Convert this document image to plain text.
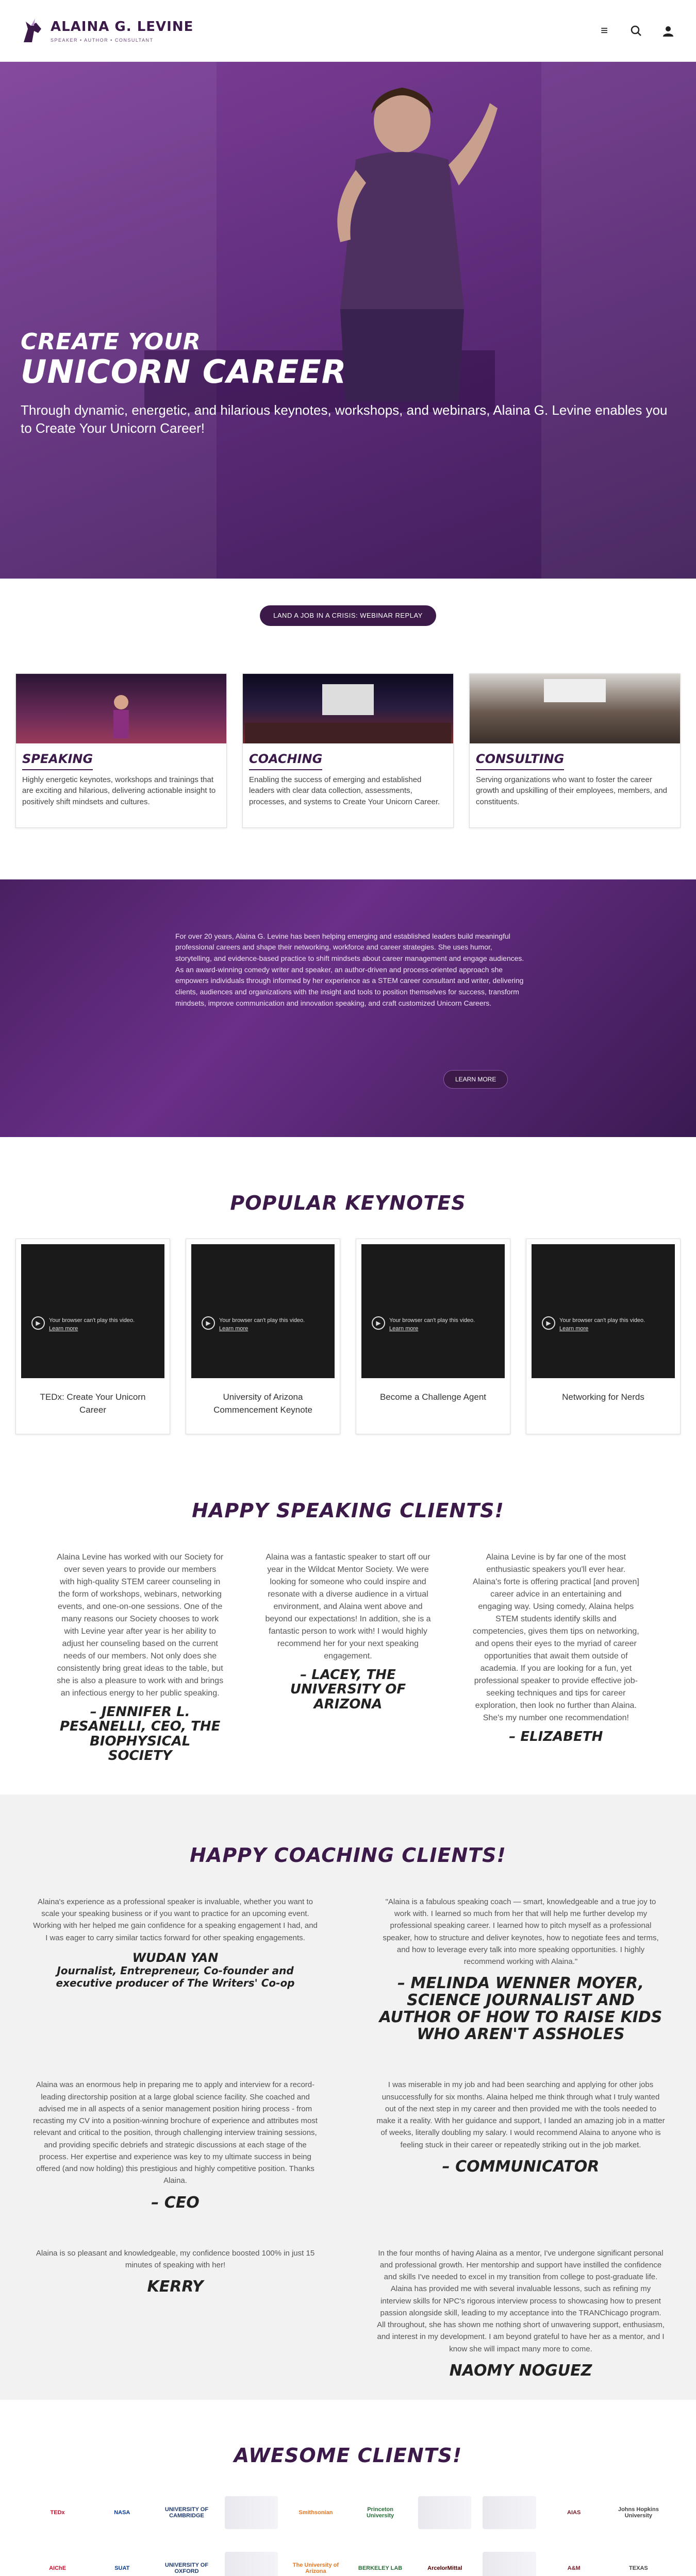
ALAINA G. LEVINE
SPEAKER • AUTHOR • CONSULTANT
≡
CREATE YOUR
UNICORN CAREER

Through dynamic, energetic, and hilarious keynotes, workshops, and webinars, Alaina G. Levine enables you to Create Your Unicorn Career!

LAND A JOB IN A CRISIS: WEBINAR REPLAY
SPEAKING

Highly energetic keynotes, workshops and trainings that are exciting and hilarious, delivering actionable insight to positively shift mindsets and cultures.

COACHING

Enabling the success of emerging and established leaders with clear data collection, assessments, processes, and systems to Create Your Unicorn Career.

CONSULTING

Serving organizations who want to foster the career growth and upskilling of their employees, members, and constituents.

For over 20 years, Alaina G. Levine has been helping emerging and established leaders build meaningful professional careers and shape their networking, workforce and career strategies. She uses humor, storytelling, and evidence-based practice to shift mindsets about career management and engage audiences. As an award-winning comedy writer and speaker, an author-driven and process-oriented approach she empowers individuals through informed by her experience as a STEM career consultant and writer, delivering clients, audiences and organizations with the insight and tools to position themselves for success, transform mindsets, improve communication and innovation speaking, and craft customized Unicorn Careers.

LEARN MORE
POPULAR KEYNOTES
▶	Your browser can't play this video.
Learn more
TEDx: Create Your Unicorn Career
▶	Your browser can't play this video.
Learn more
University of Arizona Commencement Keynote
▶	Your browser can't play this video.
Learn more
Become a Challenge Agent
▶	Your browser can't play this video.
Learn more
Networking for Nerds
HAPPY SPEAKING CLIENTS!

Alaina Levine has worked with our Society for over seven years to provide our members with high-quality STEM career counseling in the form of workshops, webinars, networking events, and one-on-one sessions. One of the many reasons our Society chooses to work with Levine year after year is her ability to adjust her counseling based on the current needs of our members. Not only does she consistently bring great ideas to the table, but she is also a pleasure to work with and brings an infectious energy to her public speaking.

– JENNIFER L. PESANELLI, CEO, THE BIOPHYSICAL SOCIETY

Alaina was a fantastic speaker to start off our year in the Wildcat Mentor Society. We were looking for someone who could inspire and resonate with a diverse audience in a virtual environment, and Alaina went above and beyond our expectations! In addition, she is a fantastic person to work with! I would highly recommend her for your next speaking engagement.

– LACEY, THE UNIVERSITY OF ARIZONA

Alaina Levine is by far one of the most enthusiastic speakers you'll ever hear. Alaina's forte is offering practical [and proven] career advice in an entertaining and engaging way. Using comedy, Alaina helps STEM students identify skills and competencies, gives them tips on networking, and opens their eyes to the myriad of career opportunities that await them outside of academia. If you are looking for a fun, yet professional speaker to provide effective job-seeking techniques and tips for career exploration, then look no further than Alaina. She's my number one recommendation!

– ELIZABETH
HAPPY COACHING CLIENTS!

Alaina's experience as a professional speaker is invaluable, whether you want to scale your speaking business or if you want to practice for an upcoming event. Working with her helped me gain confidence for a speaking engagement I had, and I was eager to carry similar tactics forward for other speaking engagements.

WUDAN YAN
Journalist, Entrepreneur, Co-founder and executive producer of The Writers' Co-op

"Alaina is a fabulous speaking coach — smart, knowledgeable and a true joy to work with. I learned so much from her that will help me further develop my professional speaking career. I learned how to pitch myself as a professional speaker, how to structure and deliver keynotes, how to negotiate fees and terms, and how to leverage every talk into more speaking opportunities. I highly recommend working with Alaina."

– MELINDA WENNER MOYER, SCIENCE JOURNALIST AND AUTHOR OF HOW TO RAISE KIDS WHO AREN'T ASSHOLES

Alaina was an enormous help in preparing me to apply and interview for a record-leading directorship position at a large global science facility. She coached and advised me in all aspects of a senior management position hiring process - from recasting my CV into a position-winning brochure of experience and attributes most relevant and critical to the position, through challenging interview training sessions, and providing specific debriefs and strategic discussions at each stage of the process. Her expertise and experience was key to my ultimate success in being offered (and now holding) this prestigious and highly competitive position. Thanks Alaina.

– CEO

I was miserable in my job and had been searching and applying for other jobs unsuccessfully for six months. Alaina helped me think through what I truly wanted out of the next step in my career and then provided me with the tools needed to make it a reality. With her guidance and support, I landed an amazing job in a matter of weeks, literally doubling my salary. I would recommend Alaina to anyone who is feeling stuck in their career or repeatedly striking out in the job market.

– COMMUNICATOR

Alaina is so pleasant and knowledgeable, my confidence boosted 100% in just 15 minutes of speaking with her!

KERRY

In the four months of having Alaina as a mentor, I've undergone significant personal and professional growth. Her mentorship and support have instilled the confidence and skills I've needed to excel in my transition from college to post-graduate life. Alaina has provided me with several invaluable lessons, such as refining my interview skills for NPC's rigorous interview process to showcasing how to present passion alongside skill, leading to my acceptance into the TRANChicago program. All throughout, she has shown me nothing short of unwavering support, enthusiasm, and interest in my development. I am beyond grateful to have her as a mentor, and I know she will impact many more to come.

NAOMY NOGUEZ
AWESOME CLIENTS!
TEDx	NASA
UNIVERSITY OF CAMBRIDGE
Smithsonian
Princeton University
AIAS
Johns Hopkins University
AIChE	SUAT
UNIVERSITY OF OXFORD
The University of Arizona
BERKELEY LAB	ArcelorMittal	A&M	TEXAS
